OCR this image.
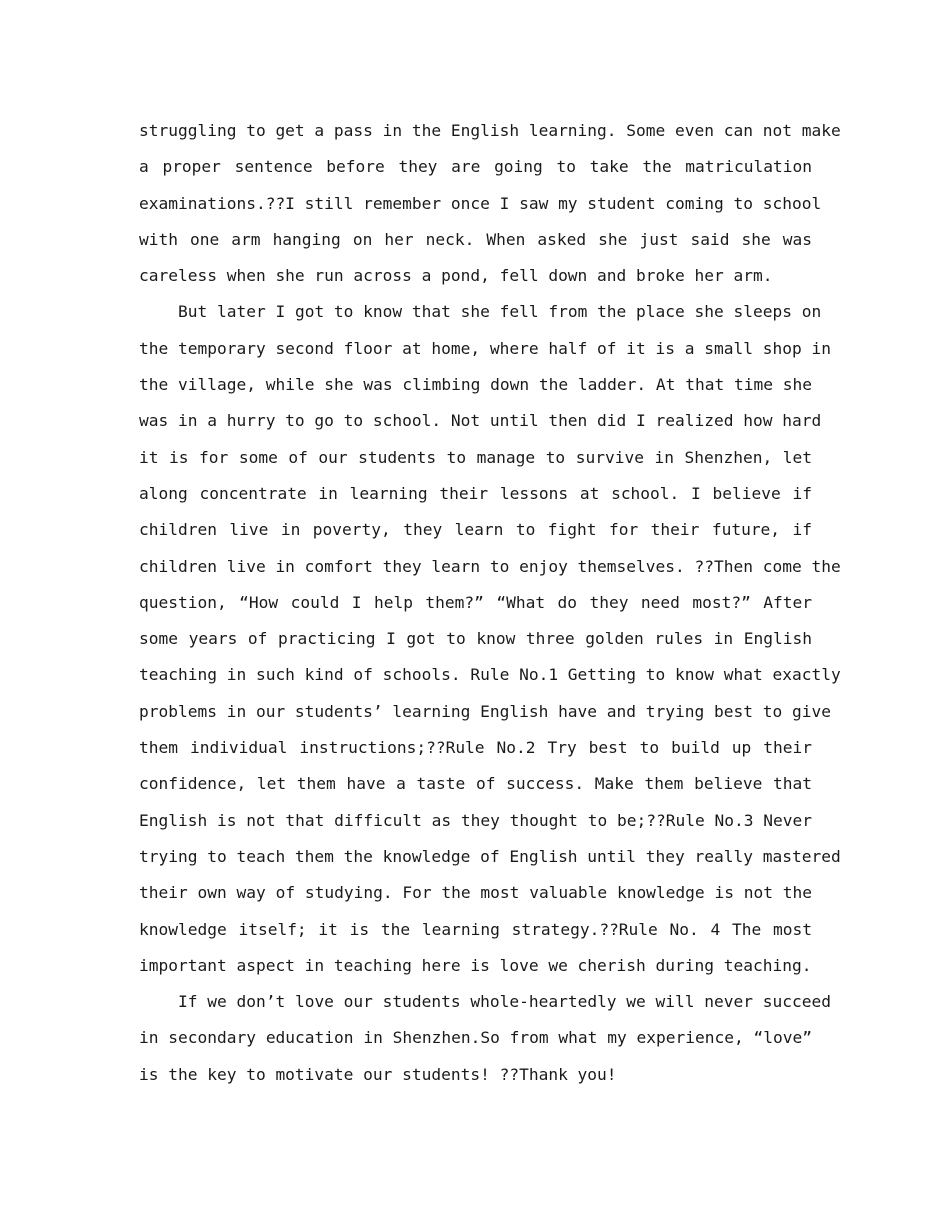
struggling to get a pass in the English learning. Some even can not make
a proper sentence before they are going to take the matriculation
examinations.??I still remember once I saw my student coming to school
with one arm hanging on her neck. When asked she just said she was
careless when she run across a pond, fell down and broke her arm.
But later I got to know that she fell from the place she sleeps on
the temporary second floor at home, where half of it is a small shop in
the village, while she was climbing down the ladder. At that time she
was in a hurry to go to school. Not until then did I realized how hard
it is for some of our students to manage to survive in Shenzhen, let
along concentrate in learning their lessons at school. I believe if
children live in poverty, they learn to fight for their future, if
children live in comfort they learn to enjoy themselves. ??Then come the
question, “How could I help them?” “What do they need most?” After
some years of practicing I got to know three golden rules in English
teaching in such kind of schools. Rule No.1 Getting to know what exactly
problems in our students’ learning English have and trying best to give
them individual instructions;??Rule No.2 Try best to build up their
confidence, let them have a taste of success. Make them believe that
English is not that difficult as they thought to be;??Rule No.3 Never
trying to teach them the knowledge of English until they really mastered
their own way of studying. For the most valuable knowledge is not the
knowledge itself; it is the learning strategy.??Rule No. 4 The most
important aspect in teaching here is love we cherish during teaching.
If we don’t love our students whole-heartedly we will never succeed
in secondary education in Shenzhen.So from what my experience, “love”
is the key to motivate our students! ??Thank you!
